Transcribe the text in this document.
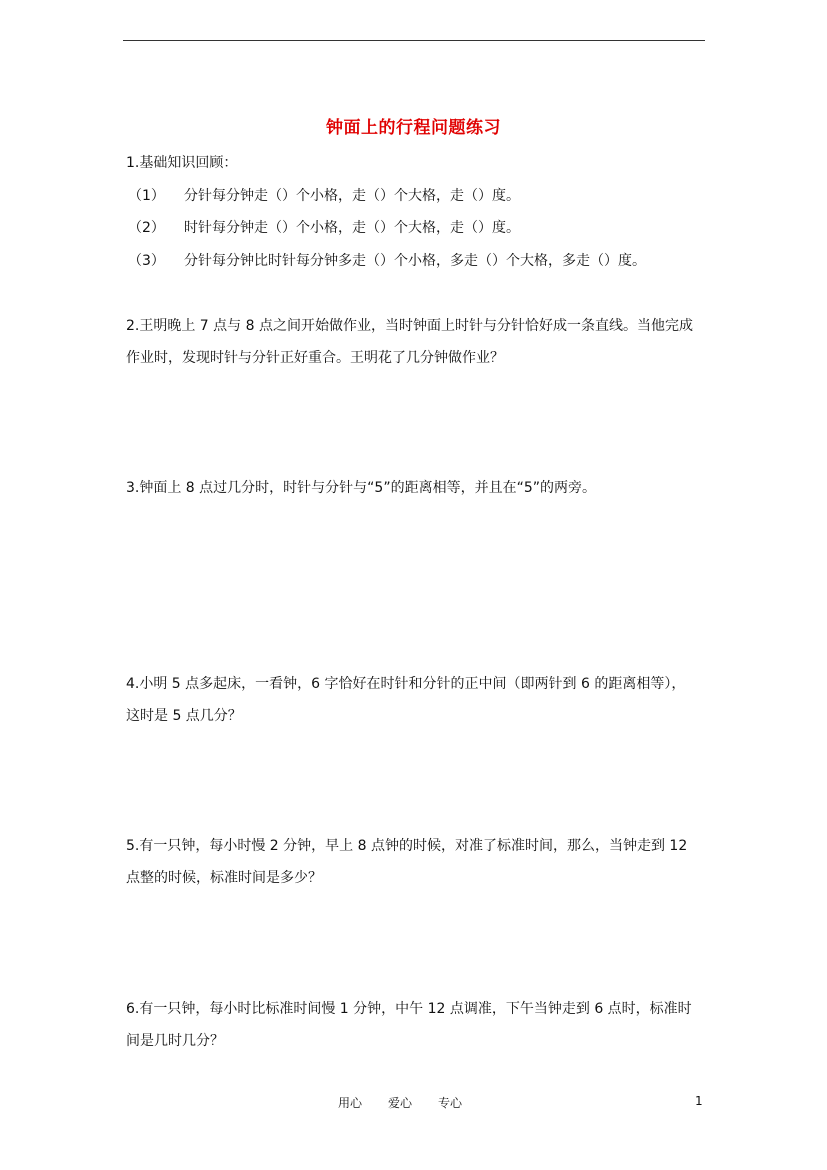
钟面上的行程问题练习
1.基础知识回顾：
（1） 分针每分钟走（）个小格，走（）个大格，走（）度。
（2） 时针每分钟走（）个小格，走（）个大格，走（）度。
（3） 分针每分钟比时针每分钟多走（）个小格，多走（）个大格，多走（）度。
2.王明晚上 7 点与 8 点之间开始做作业，当时钟面上时针与分针恰好成一条直线。当他完成
作业时，发现时针与分针正好重合。王明花了几分钟做作业？
3.钟面上 8 点过几分时，时针与分针与“5”的距离相等，并且在“5”的两旁。
4.小明 5 点多起床，一看钟，6 字恰好在时针和分针的正中间（即两针到 6 的距离相等），
这时是 5 点几分？
5.有一只钟，每小时慢 2 分钟，早上 8 点钟的时候，对准了标准时间，那么，当钟走到 12
点整的时候，标准时间是多少？
6.有一只钟，每小时比标准时间慢 1 分钟，中午 12 点调准，下午当钟走到 6 点时，标准时
间是几时几分？
用心 爱心 专心	1
